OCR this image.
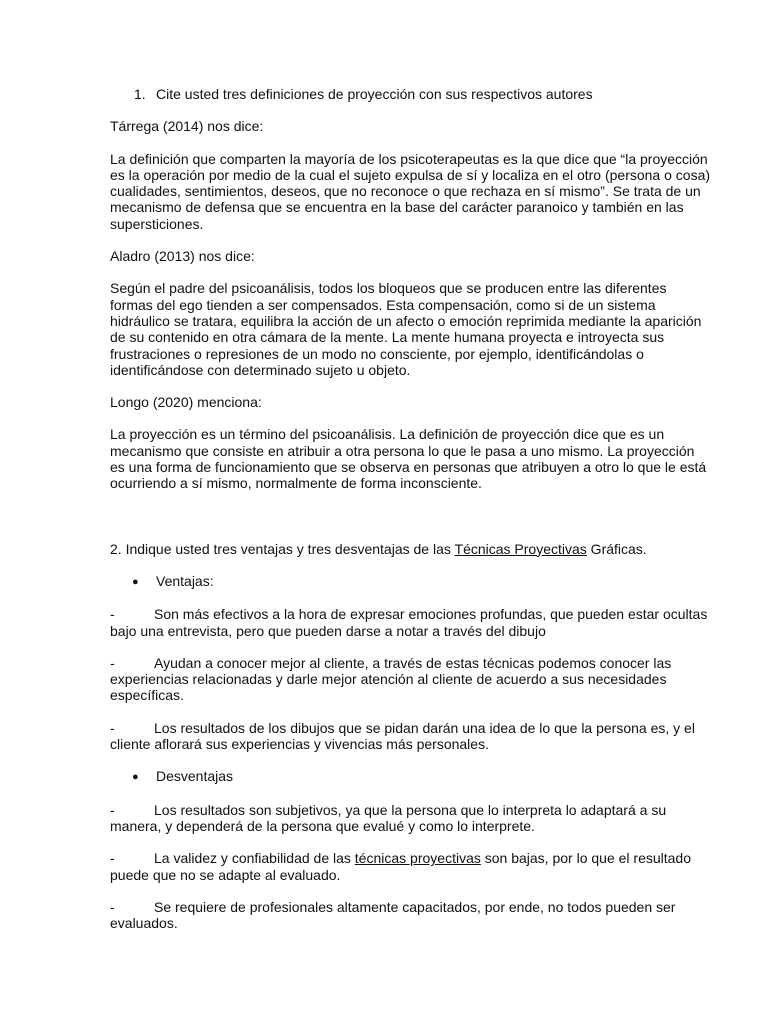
1. Cite usted tres definiciones de proyección con sus respectivos autores

Tárrega (2014) nos dice:

La definición que comparten la mayoría de los psicoterapeutas es la que dice que “la proyección es la operación por medio de la cual el sujeto expulsa de sí y localiza en el otro (persona o cosa) cualidades, sentimientos, deseos, que no reconoce o que rechaza en sí mismo”. Se trata de un mecanismo de defensa que se encuentra en la base del carácter paranoico y también en las supersticiones.

Aladro (2013) nos dice:

Según el padre del psicoanálisis, todos los bloqueos que se producen entre las diferentes formas del ego tienden a ser compensados. Esta compensación, como si de un sistema hidráulico se tratara, equilibra la acción de un afecto o emoción reprimida mediante la aparición de su contenido en otra cámara de la mente. La mente humana proyecta e introyecta sus frustraciones o represiones de un modo no consciente, por ejemplo, identificándolas o identificándose con determinado sujeto u objeto.

Longo (2020) menciona:

La proyección es un término del psicoanálisis. La definición de proyección dice que es un mecanismo que consiste en atribuir a otra persona lo que le pasa a uno mismo. La proyección es una forma de funcionamiento que se observa en personas que atribuyen a otro lo que le está ocurriendo a sí mismo, normalmente de forma inconsciente.

2. Indique usted tres ventajas y tres desventajas de las Técnicas Proyectivas Gráficas.

● Ventajas:

-	Son más efectivos a la hora de expresar emociones profundas, que pueden estar ocultas bajo una entrevista, pero que pueden darse a notar a través del dibujo

-	Ayudan a conocer mejor al cliente, a través de estas técnicas podemos conocer las experiencias relacionadas y darle mejor atención al cliente de acuerdo a sus necesidades específicas.

-	Los resultados de los dibujos que se pidan darán una idea de lo que la persona es, y el cliente aflorará sus experiencias y vivencias más personales.

● Desventajas

-	Los resultados son subjetivos, ya que la persona que lo interpreta lo adaptará a su manera, y dependerá de la persona que evalué y como lo interprete.

-	La validez y confiabilidad de las técnicas proyectivas son bajas, por lo que el resultado puede que no se adapte al evaluado.

-	Se requiere de profesionales altamente capacitados, por ende, no todos pueden ser evaluados.
